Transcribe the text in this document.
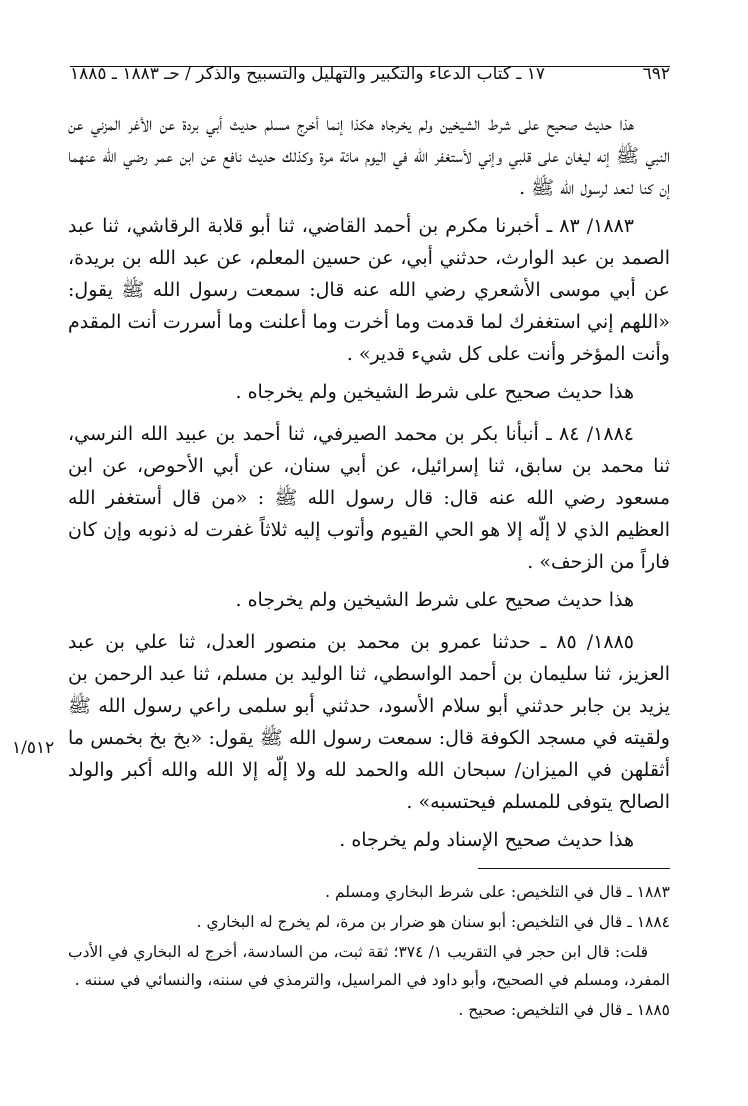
٦٩٢
١٧ ـ كتاب الدعاء والتكبير والتهليل والتسبيح والذكر / حـ ١٨٨٣ ـ ١٨٨٥

هذا حديث صحيح على شرط الشيخين ولم يخرجاه هكذا إنما أخرج مسلم حديث أبي بردة عن الأغر المزني عن النبي ﷺ إنه ليغان على قلبي وإني لأستغفر الله في اليوم مائة مرة وكذلك حديث نافع عن ابن عمر رضي الله عنهما إن كنا لنعد لرسول الله ﷺ .

١٨٨٣/ ٨٣ ـ أخبرنا مكرم بن أحمد القاضي، ثنا أبو قلابة الرقاشي، ثنا عبد الصمد بن عبد الوارث، حدثني أبي، عن حسين المعلم، عن عبد الله بن بريدة، عن أبي موسى الأشعري رضي الله عنه قال: سمعت رسول الله ﷺ يقول: «اللهم إني استغفرك لما قدمت وما أخرت وما أعلنت وما أسررت أنت المقدم وأنت المؤخر وأنت على كل شيء قدير» .

هذا حديث صحيح على شرط الشيخين ولم يخرجاه .

١٨٨٤/ ٨٤ ـ أنبأنا بكر بن محمد الصيرفي، ثنا أحمد بن عبيد الله النرسي، ثنا محمد بن سابق، ثنا إسرائيل، عن أبي سنان، عن أبي الأحوص، عن ابن مسعود رضي الله عنه قال: قال رسول الله ﷺ : «من قال أستغفر الله العظيم الذي لا إلّه إلا هو الحي القيوم وأتوب إليه ثلاثاً غفرت له ذنوبه وإن كان فاراً من الزحف» .

هذا حديث صحيح على شرط الشيخين ولم يخرجاه .

١٨٨٥/ ٨٥ ـ حدثنا عمرو بن محمد بن منصور العدل، ثنا علي بن عبد العزيز، ثنا سليمان بن أحمد الواسطي، ثنا الوليد بن مسلم، ثنا عبد الرحمن بن يزيد بن جابر حدثني أبو سلام الأسود، حدثني أبو سلمى راعي رسول الله ﷺ ولقيته في مسجد الكوفة قال: سمعت رسول الله ﷺ يقول: «بخ بخ بخمس ما أثقلهن في الميزان/ سبحان الله والحمد لله ولا إلّه إلا الله والله أكبر والولد الصالح يتوفى للمسلم فيحتسبه» .

هذا حديث صحيح الإسناد ولم يخرجاه .

١/٥١٢

١٨٨٣ ـ قال في التلخيص: على شرط البخاري ومسلم .

١٨٨٤ ـ قال في التلخيص: أبو سنان هو ضرار بن مرة، لم يخرج له البخاري .

قلت: قال ابن حجر في التقريب ١/ ٣٧٤؛ ثقة ثبت، من السادسة، أخرج له البخاري في الأدب المفرد، ومسلم في الصحيح، وأبو داود في المراسيل، والترمذي في سننه، والنسائي في سننه .

١٨٨٥ ـ قال في التلخيص: صحيح .
